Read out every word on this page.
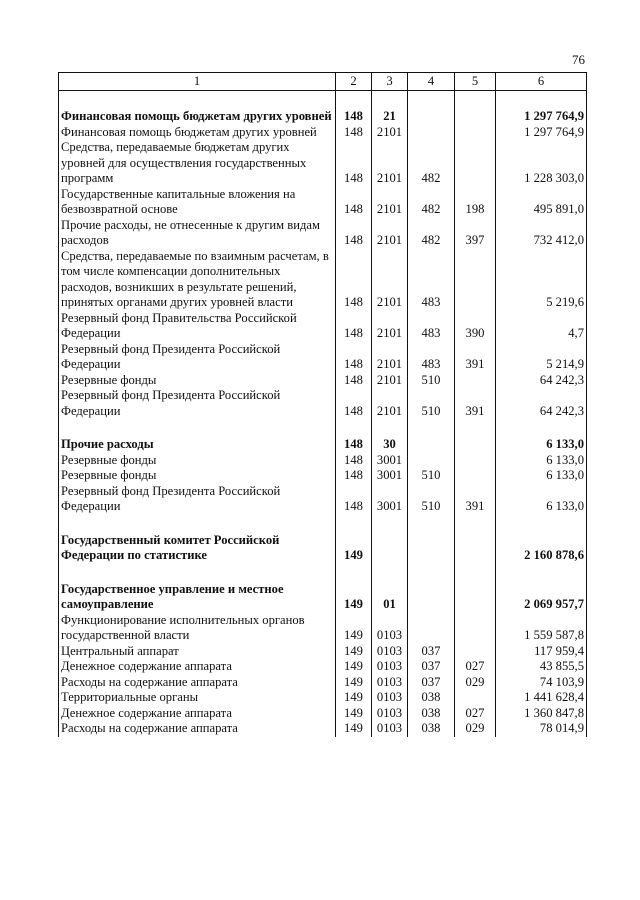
76
1	2	3	4	5	6

Финансовая помощь бюджетам других уровней	148	21			1 297 764,9
Финансовая помощь бюджетам других уровней	148	2101			1 297 764,9
Средства, передаваемые бюджетам других уровней для осуществления государственных программ	148	2101	482		1 228 303,0
Государственные капитальные вложения на безвозвратной основе	148	2101	482	198	495 891,0
Прочие расходы, не отнесенные к другим видам расходов	148	2101	482	397	732 412,0
Средства, передаваемые по взаимным расчетам, в том числе компенсации дополнительных расходов, возникших в результате решений, принятых органами других уровней власти	148	2101	483		5 219,6
Резервный фонд Правительства Российской Федерации	148	2101	483	390	4,7
Резервный фонд Президента Российской Федерации	148	2101	483	391	5 214,9
Резервные фонды	148	2101	510		64 242,3
Резервный фонд Президента Российской Федерации	148	2101	510	391	64 242,3

Прочие расходы	148	30			6 133,0
Резервные фонды	148	3001			6 133,0
Резервные фонды	148	3001	510		6 133,0
Резервный фонд Президента Российской Федерации	148	3001	510	391	6 133,0

Государственный комитет Российской Федерации по статистике	149				2 160 878,6

Государственное управление и местное самоуправление	149	01			2 069 957,7
Функционирование исполнительных органов государственной власти	149	0103			1 559 587,8
Центральный аппарат	149	0103	037		117 959,4
Денежное содержание аппарата	149	0103	037	027	43 855,5
Расходы на содержание аппарата	149	0103	037	029	74 103,9
Территориальные органы	149	0103	038		1 441 628,4
Денежное содержание аппарата	149	0103	038	027	1 360 847,8
Расходы на содержание аппарата	149	0103	038	029	78 014,9
